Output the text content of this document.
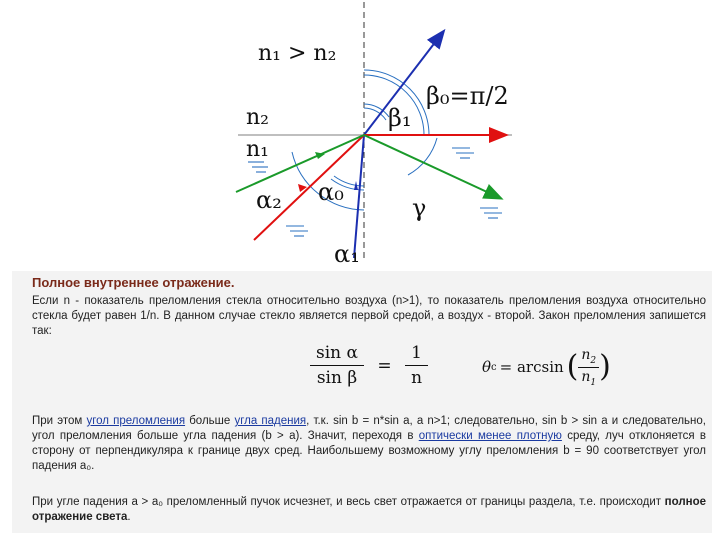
n₁ > n₂
n₂
n₁
β₀=π/2
β₁
α₀
α₂
α₁
γ
Полное внутреннее отражение.
Если n - показатель преломления стекла относительно воздуха (n>1), то показатель преломления воздуха относительно стекла будет равен 1/n. В данном случае стекло является первой средой, а воздух - второй. Закон преломления запишется так:
$\frac{\text{sin α}}{\text{sin β}} = \frac{1}{n}$	θ c = arcsin ( $\frac{n_2}{n_1}$ )
При этом угол преломления больше угла падения, т.к. sin b = n*sin a, a n>1; следовательно, sin b > sin a и следовательно, угол преломления больше угла падения (b > a). Значит, переходя в оптически менее плотную среду, луч отклоняется в сторону от перпендикуляра к границе двух сред. Наибольшему возможному углу преломления b = 90 соответствует угол падения a₀.
При угле падения a > a₀ преломленный пучок исчезнет, и весь свет отражается от границы раздела, т.е. происходит полное отражение света.
